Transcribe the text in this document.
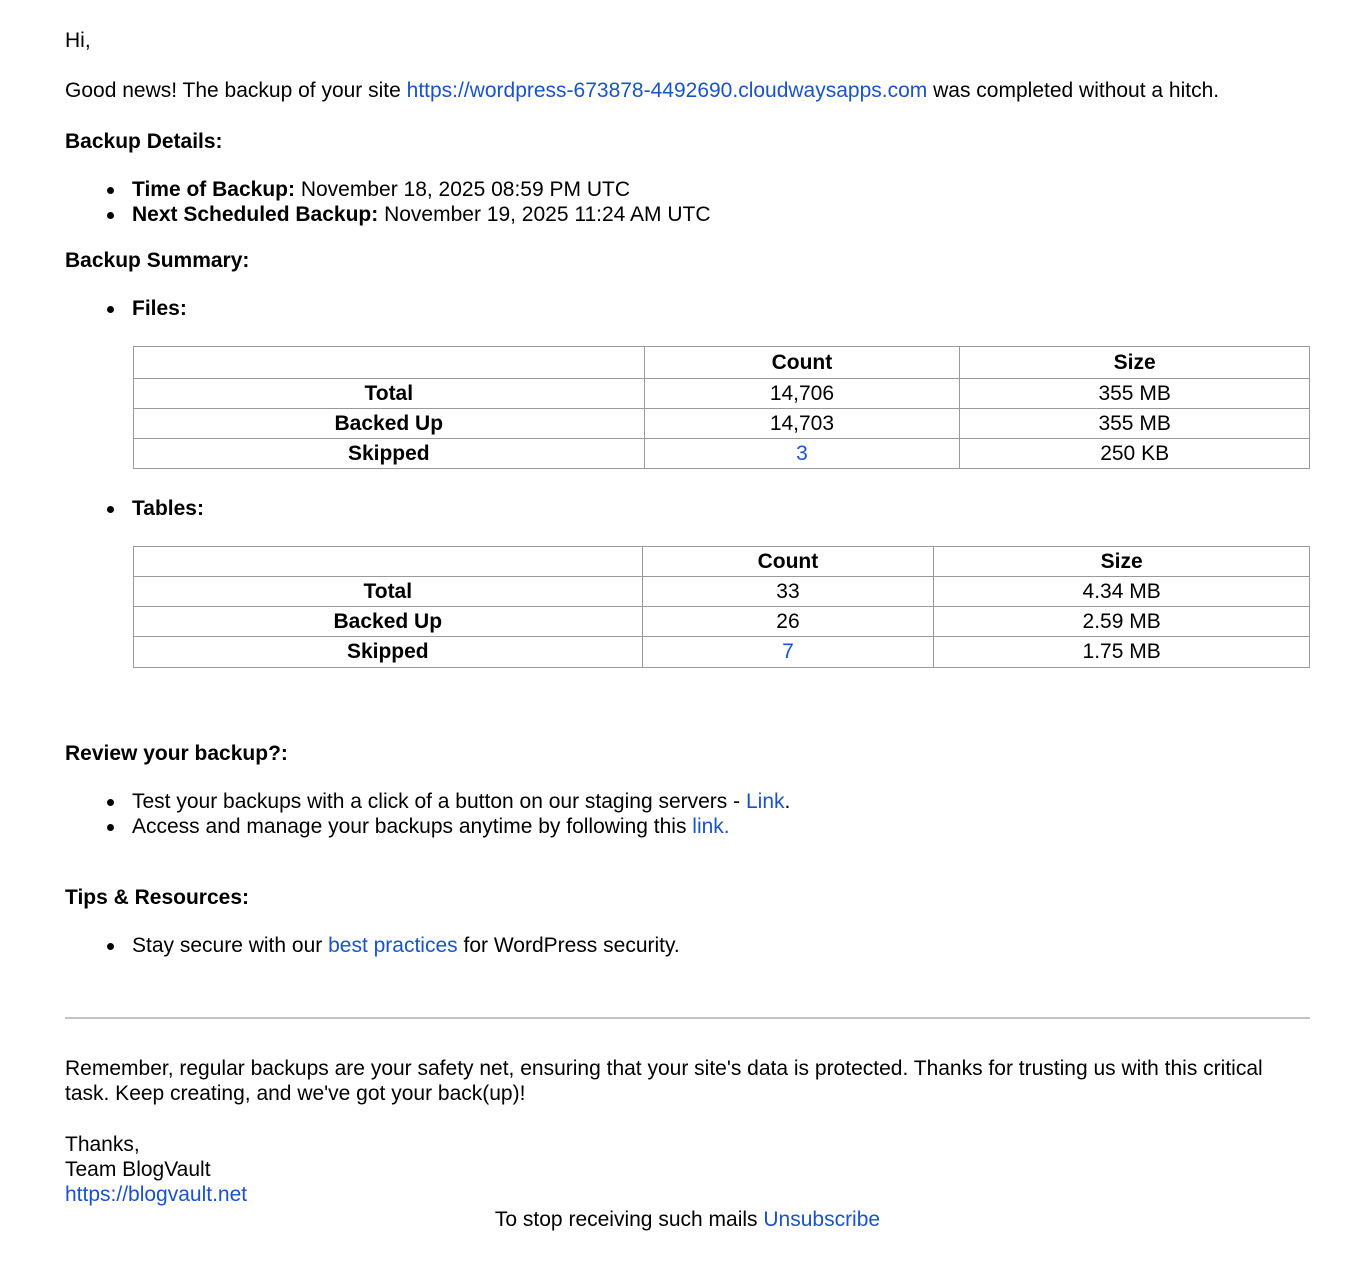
Hi,

Good news! The backup of your site https://wordpress-673878-4492690.cloudwaysapps.com was completed without a hitch.

Backup Details:

Time of Backup: November 18, 2025 08:59 PM UTC
Next Scheduled Backup: November 19, 2025 11:24 AM UTC

Backup Summary:

Files:
	Count	Size
Total	14,706	355 MB
Backed Up	14,703	355 MB
Skipped	3	250 KB
Tables:
	Count	Size
Total	33	4.34 MB
Backed Up	26	2.59 MB
Skipped	7	1.75 MB

Review your backup?:

Test your backups with a click of a button on our staging servers - Link.
Access and manage your backups anytime by following this link.

Tips & Resources:

Stay secure with our best practices for WordPress security.

Remember, regular backups are your safety net, ensuring that your site's data is protected. Thanks for trusting us with this critical task. Keep creating, and we've got your back(up)!

Thanks,
Team BlogVault
https://blogvault.net
To stop receiving such mails Unsubscribe
